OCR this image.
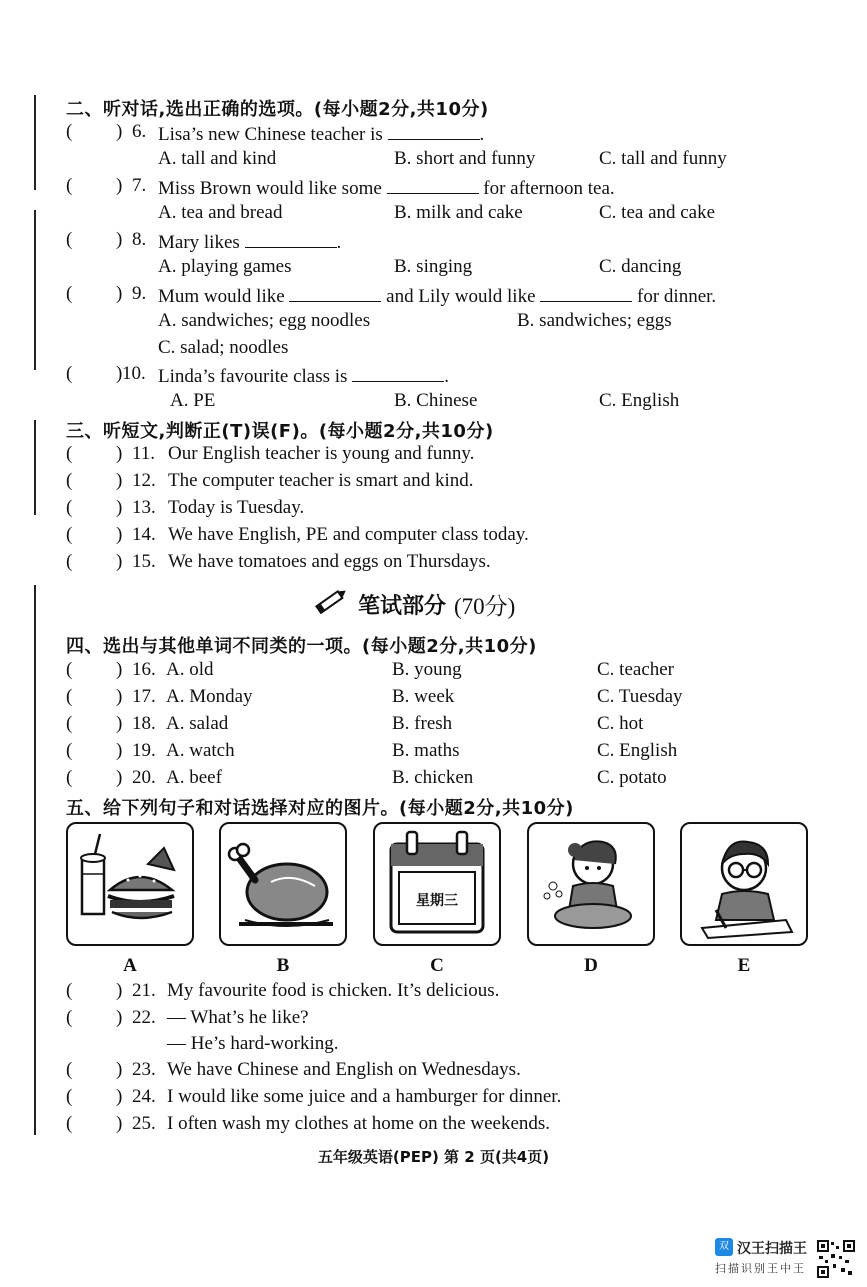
二、听对话,选出正确的选项。(每小题2分,共10分)
( ) 6. Lisa’s new Chinese teacher is	.
A. tall and kind	B. short and funny	C. tall and funny
( ) 7. Miss Brown would like some	for afternoon tea.
A. tea and bread	B. milk and cake	C. tea and cake
( ) 8. Mary likes	.
A. playing games	B. singing	C. dancing
( ) 9. Mum would like	and Lily would like	for dinner.
A. sandwiches; egg noodles	B. sandwiches; eggs
C. salad; noodles
( ) 10. Linda’s favourite class is	.
A. PE	B. Chinese	C. English
三、听短文,判断正(T)误(F)。(每小题2分,共10分)
( ) 11. Our English teacher is young and funny.
( ) 12. The computer teacher is smart and kind.
( ) 13. Today is Tuesday.
( ) 14. We have English, PE and computer class today.
( ) 15. We have tomatoes and eggs on Thursdays.
笔试部分 (70分)
四、选出与其他单词不同类的一项。(每小题2分,共10分)
( ) 16. A. old	B. young	C. teacher
( ) 17. A. Monday	B. week	C. Tuesday
( ) 18. A. salad	B. fresh	C. hot
( ) 19. A. watch	B. maths	C. English
( ) 20. A. beef	B. chicken	C. potato
五、给下列句子和对话选择对应的图片。(每小题2分,共10分)
A	B
星期三
C	D	E
( ) 21. My favourite food is chicken. It’s delicious.
( ) 22. — What’s he like?
— He’s hard-working.
( ) 23. We have Chinese and English on Wednesdays.
( ) 24. I would like some juice and a hamburger for dinner.
( ) 25. I often wash my clothes at home on the weekends.
五年级英语(PEP) 第 2 页(共4页)
双 汉王扫描王
扫描识别王中王
